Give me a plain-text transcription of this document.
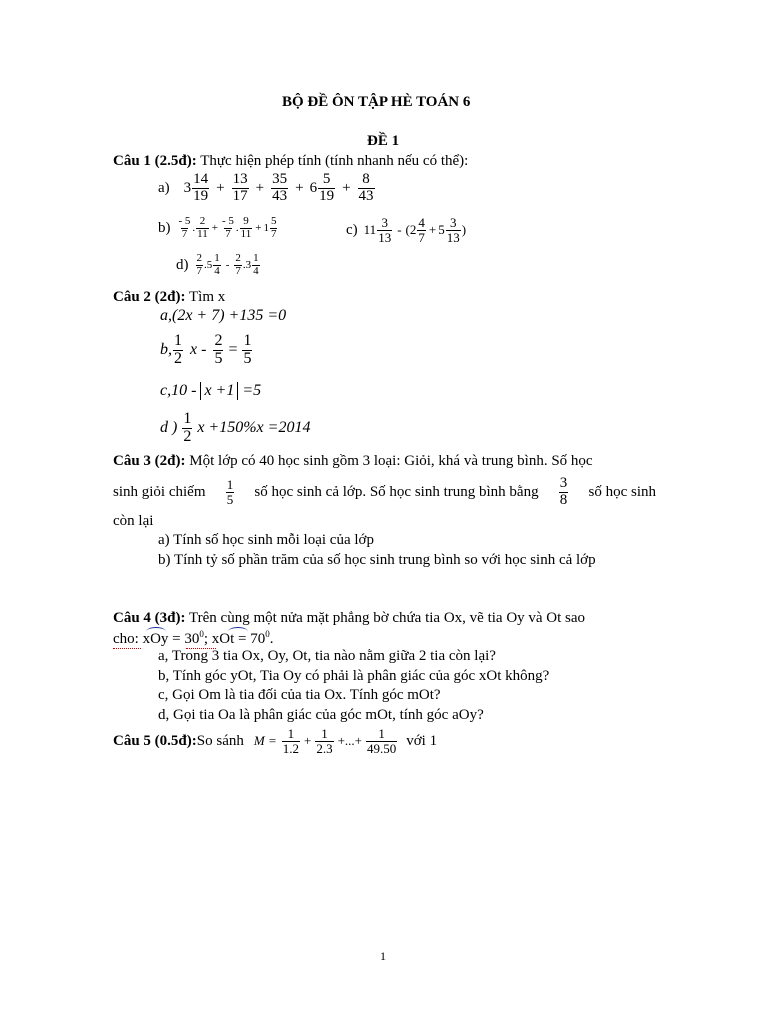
BỘ ĐỀ ÔN TẬP HÈ TOÁN 6
ĐỀ 1
Câu 1 (2.5đ): Thực hiện phép tính (tính nhanh nếu có thể):
a) $3 \frac{14}{19} + \frac{13}{17} + \frac{35}{43} + 6 \frac{5}{19} + \frac{8}{43}$
$b) \frac{- 5}{7}$ . $\frac{2}{11} + \frac{- 5}{7}$ . $\frac{9}{11} + 1 \frac{5}{7}$	c) $11 \frac{3}{13} - (2 \frac{4}{7} + 5 \frac{3}{13}$ )
$d) \frac{2}{7} .5 \frac{1}{4} - \frac{2}{7} .3 \frac{1}{4}$
Câu 2 (2đ): Tìm x
a,(2x + 7) +135 =0
b, $\frac{1}{2}$ $x - \frac{2}{5} = \frac{1}{5}$
c,10 - x +1 =5
d ) $\frac{1}{2}$ x +150%x =2014
Câu 3 (2đ): Một lớp có 40 học sinh gồm 3 loại: Giỏi, khá và trung bình. Số học
sinh giỏi chiếm $\frac{1}{5}$ số học sinh cả lớp. Số học sinh trung bình bằng $\frac{3}{8}$ số học sinh
còn lại
a) Tính số học sinh mỗi loại của lớp
b) Tính tỷ số phần trăm của số học sinh trung bình so với học sinh cả lớp
Câu 4 (3đ): Trên cùng một nửa mặt phẳng bờ chứa tia Ox, vẽ tia Oy và Ot sao
cho: xOy = $30^0$; xOt = $70^0$.
a, Trong 3 tia Ox, Oy, Ot, tia nào nằm giữa 2 tia còn lại?
b, Tính góc yOt, Tia Oy có phải là phân giác của góc xOt không?
c, Gọi Om là tia đối của tia Ox. Tính góc mOt?
d, Gọi tia Oa là phân giác của góc mOt, tính góc aOy?
Câu 5 (0.5đ): So sánh $M = \frac{1}{1.2} + \frac{1}{2.3}$ +...+ $\frac{1}{49.50}$ với 1
1
